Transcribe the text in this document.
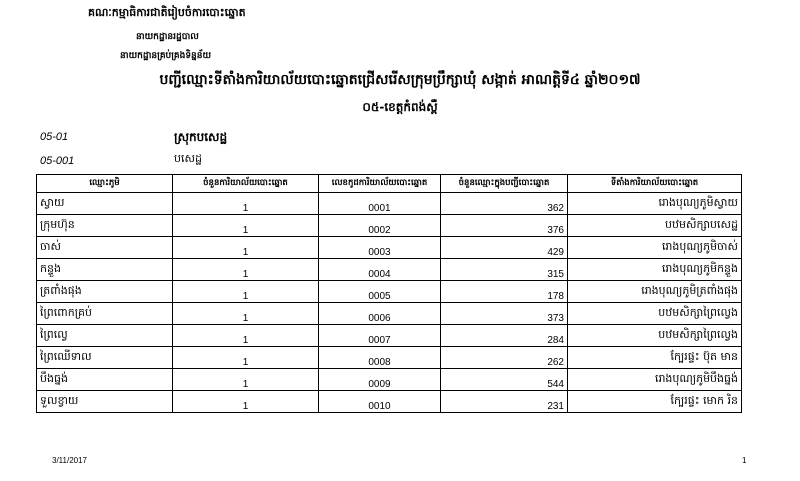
គណៈកម្មាធិការជាតិរៀបចំការបោះឆ្នោត
នាយកដ្ឋានរដ្ឋបាល
នាយកដ្ឋានគ្រប់គ្រងទិន្នន័យ
បញ្ជីឈ្មោះទីតាំងការិយាល័យបោះឆ្នោតជ្រើសរើសក្រុមប្រឹក្សាឃុំ សង្កាត់ អាណត្តិទី៤ ឆ្នាំ២០១៧
០៥-ខេត្តកំពង់ស្ពឺ
05-01	ស្រុកបសេដ្ឋ
05-001	បសេដ្ឋ
ឈ្មោះភូមិ	ចំនួនការិយាល័យបោះឆ្នោត	លេខកូដការិយាល័យបោះឆ្នោត	ចំនួនឈ្មោះក្នុងបញ្ជីបោះឆ្នោត	ទីតាំងការិយាល័យបោះឆ្នោត
ស្វាយ	1	0001	362	រោងបុណ្យភូមិស្វាយ
ក្រុមហ៊ុន	1	0002	376	បឋមសិក្សាបសេដ្ឋ
ចាស់	1	0003	429	រោងបុណ្យភូមិចាស់
កន្ទួង	1	0004	315	រោងបុណ្យភូមិកន្ទួង
ត្រពាំងផុង	1	0005	178	រោងបុណ្យភូមិត្រពាំងផុង
ព្រៃពោកគ្រប់	1	0006	373	បឋមសិក្សាព្រៃល្វេង
ព្រៃល្វេ	1	0007	284	បឋមសិក្សាព្រៃល្វេង
ព្រៃឈើទាល	1	0008	262	ក្បែរផ្ទះ ប៊ុត មាន
បឹងធ្នង់	1	0009	544	រោងបុណ្យភូមិបឹងធ្នង់
ទួលខ្វាយ	1	0010	231	ក្បែរផ្ទះ មោក រិន
3/11/2017	1
